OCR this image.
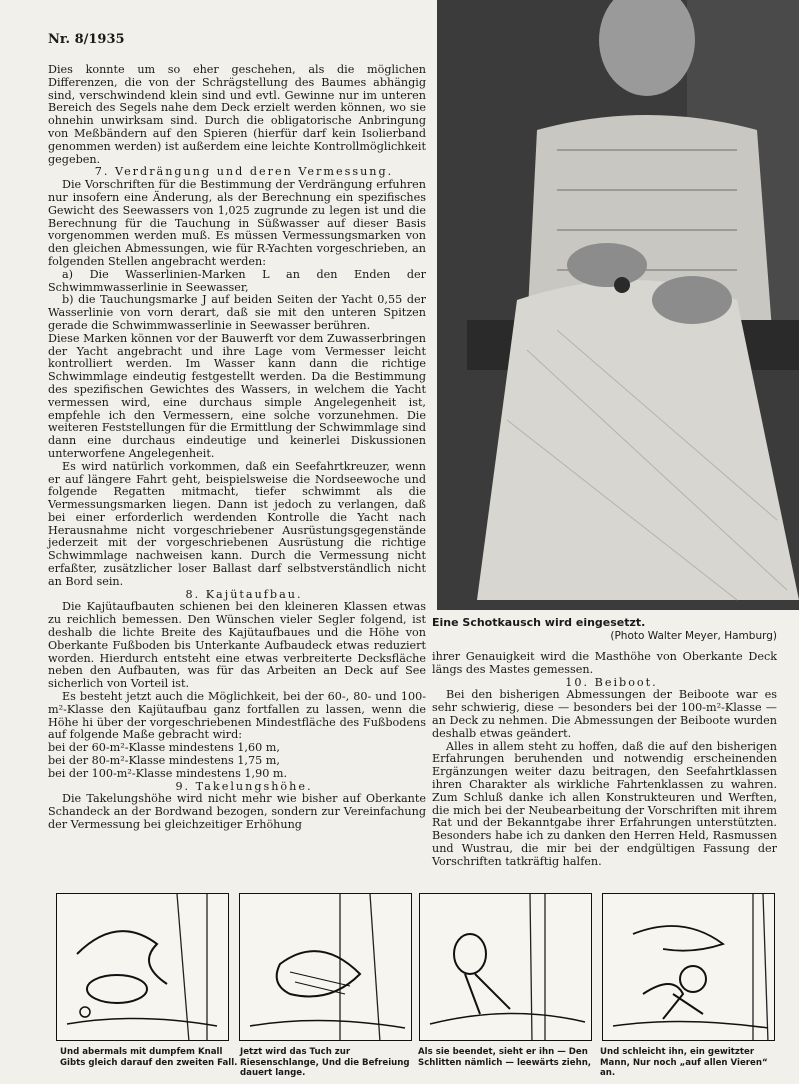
Nr. 8/1935

Dies konnte um so eher geschehen, als die möglichen Differenzen, die von der Schrägstellung des Baumes abhängig sind, verschwindend klein sind und evtl. Gewinne nur im unteren Bereich des Segels nahe dem Deck erzielt werden können, wo sie ohnehin unwirksam sind. Durch die obligatorische Anbringung von Meßbändern auf den Spieren (hierfür darf kein Isolierband genommen werden) ist außerdem eine leichte Kontrollmöglichkeit gegeben.

7. Verdrängung und deren Vermessung.

Die Vorschriften für die Bestimmung der Verdrängung erfuhren nur insofern eine Änderung, als der Berechnung ein spezifisches Gewicht des Seewassers von 1,025 zugrunde zu legen ist und die Berechnung für die Tauchung in Süßwasser auf dieser Basis vorgenommen werden muß. Es müssen Vermessungsmarken von den gleichen Abmessungen, wie für R-Yachten vorgeschrieben, an folgenden Stellen angebracht werden:

a) Die Wasserlinien-Marken L an den Enden der Schwimmwasserlinie in Seewasser,

b) die Tauchungsmarke J auf beiden Seiten der Yacht 0,55 der Wasserlinie von vorn derart, daß sie mit den unteren Spitzen gerade die Schwimmwasserlinie in Seewasser berühren.

Diese Marken können vor der Bauwerft vor dem Zuwasserbringen der Yacht angebracht und ihre Lage vom Vermesser leicht kontrolliert werden. Im Wasser kann dann die richtige Schwimmlage eindeutig festgestellt werden. Da die Bestimmung des spezifischen Gewichtes des Wassers, in welchem die Yacht vermessen wird, eine durchaus simple Angelegenheit ist, empfehle ich den Vermessern, eine solche vorzunehmen. Die weiteren Feststellungen für die Ermittlung der Schwimmlage sind dann eine durchaus eindeutige und keinerlei Diskussionen unterworfene Angelegenheit.

Es wird natürlich vorkommen, daß ein Seefahrtkreuzer, wenn er auf längere Fahrt geht, beispielsweise die Nordseewoche und folgende Regatten mitmacht, tiefer schwimmt als die Vermessungsmarken liegen. Dann ist jedoch zu verlangen, daß bei einer erforderlich werdenden Kontrolle die Yacht nach Herausnahme nicht vorgeschriebener Ausrüstungsgegenstände jederzeit mit der vorgeschriebenen Ausrüstung die richtige Schwimmlage nachweisen kann. Durch die Vermessung nicht erfaßter, zusätzlicher loser Ballast darf selbstverständlich nicht an Bord sein.

8. Kajütaufbau.

Die Kajütaufbauten schienen bei den kleineren Klassen etwas zu reichlich bemessen. Den Wünschen vieler Segler folgend, ist deshalb die lichte Breite des Kajütaufbaues und die Höhe von Oberkante Fußboden bis Unterkante Aufbaudeck etwas reduziert worden. Hierdurch entsteht eine etwas verbreiterte Decksfläche neben den Aufbauten, was für das Arbeiten an Deck auf See sicherlich von Vorteil ist.

Es besteht jetzt auch die Möglichkeit, bei der 60-, 80- und 100-m²-Klasse den Kajütaufbau ganz fortfallen zu lassen, wenn die Höhe hi über der vorgeschriebenen Mindestfläche des Fußbodens auf folgende Maße gebracht wird:

bei der 60-m²-Klasse mindestens 1,60 m,

bei der 80-m²-Klasse mindestens 1,75 m,

bei der 100-m²-Klasse mindestens 1,90 m.

9. Takelungshöhe.

Die Takelungshöhe wird nicht mehr wie bisher auf Oberkante Schandeck an der Bordwand bezogen, sondern zur Vereinfachung der Vermessung bei gleichzeitiger Erhöhung

Eine Schotkausch wird eingesetzt.
(Photo Walter Meyer, Hamburg)

ihrer Genauigkeit wird die Masthöhe von Oberkante Deck längs des Mastes gemessen.

10. Beiboot.

Bei den bisherigen Abmessungen der Beiboote war es sehr schwierig, diese — besonders bei der 100-m²-Klasse — an Deck zu nehmen. Die Abmessungen der Beiboote wurden deshalb etwas geändert.

Alles in allem steht zu hoffen, daß die auf den bisherigen Erfahrungen beruhenden und notwendig erscheinenden Ergänzungen weiter dazu beitragen, den Seefahrtklassen ihren Charakter als wirkliche Fahrtenklassen zu wahren. Zum Schluß danke ich allen Konstrukteuren und Werften, die mich bei der Neubearbeitung der Vorschriften mit ihrem Rat und der Bekanntgabe ihrer Erfahrungen unterstützten. Besonders habe ich zu danken den Herren Held, Rasmussen und Wustrau, die mir bei der endgültigen Fassung der Vorschriften tatkräftig halfen.

Und abermals mit dumpfem Knall Gibts gleich darauf den zweiten Fall.
Jetzt wird das Tuch zur Riesenschlange, Und die Befreiung dauert lange.
Als sie beendet, sieht er ihn — Den Schlitten nämlich — leewärts ziehn,
Und schleicht ihn, ein gewitzter Mann, Nur noch „auf allen Vieren“ an.
